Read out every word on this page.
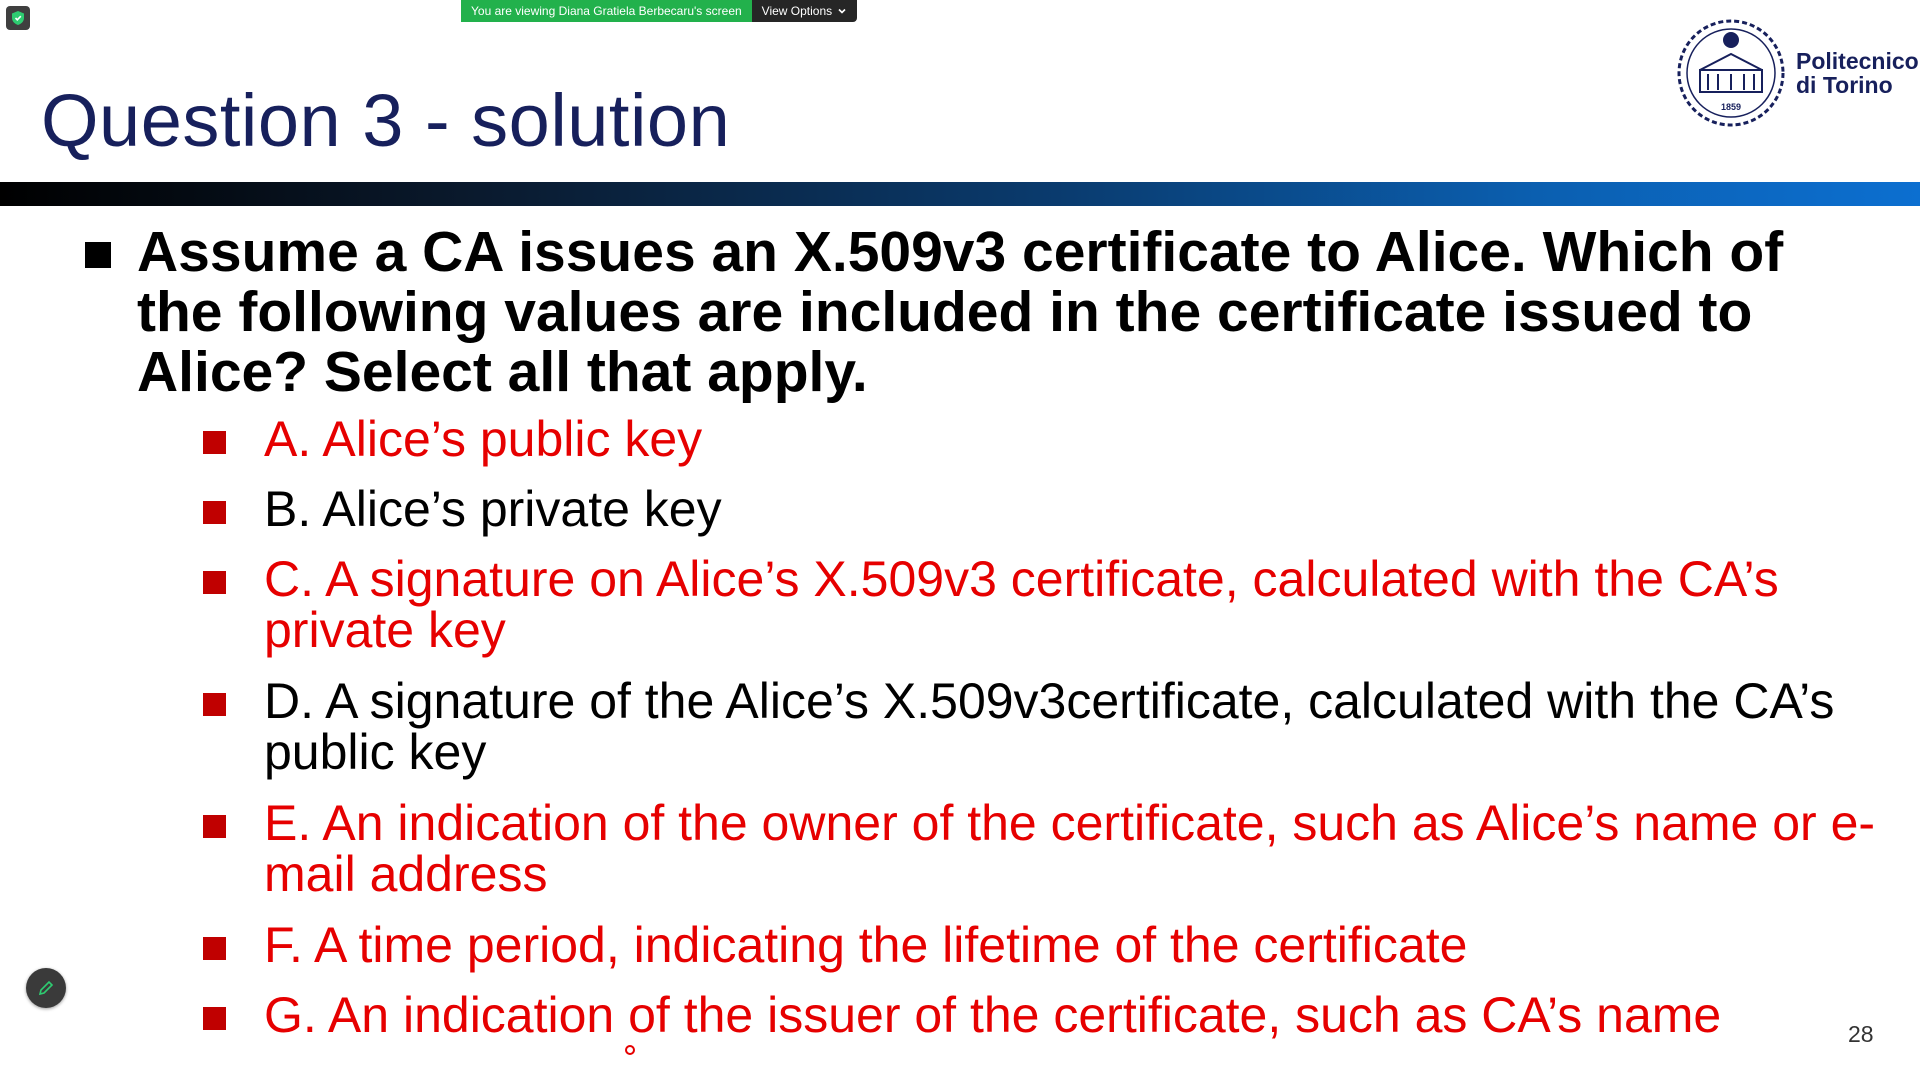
You are viewing Diana Gratiela Berbecaru's screen	View Options
Question 3 - solution	1859
Politecnico
di Torino
Assume a CA issues an X.509v3 certificate to Alice. Which of the following values are included in the certificate issued to Alice? Select all that apply.
A. Alice’s public key
B. Alice’s private key
C. A signature on Alice’s X.509v3 certificate, calculated with the CA’s private key
D. A signature of the Alice’s X.509v3certificate, calculated with the CA’s public key
E. An indication of the owner of the certificate, such as Alice’s name or e-mail address
F. A time period, indicating the lifetime of the certificate
G. An indication of the issuer of the certificate, such as CA’s name	28
